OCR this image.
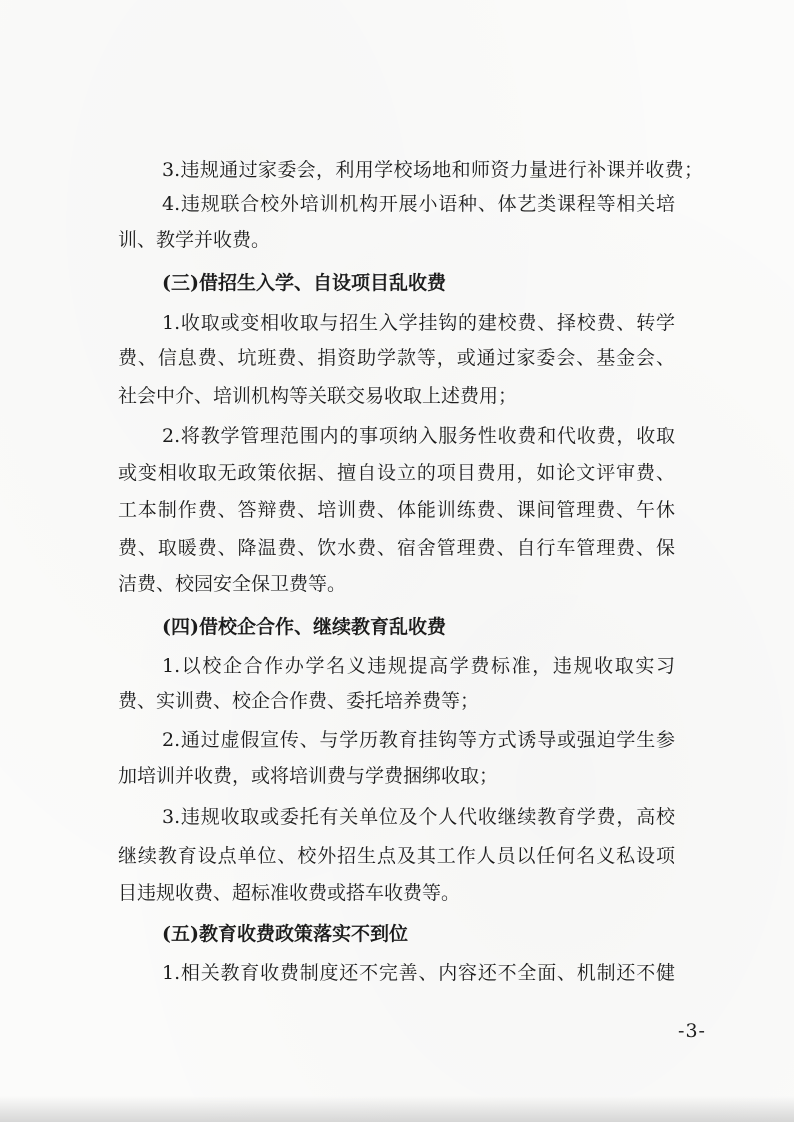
3.违规通过家委会，利用学校场地和师资力量进行补课并收费；
4.违规联合校外培训机构开展小语种、体艺类课程等相关培
训、教学并收费。
(三)借招生入学、自设项目乱收费
1.收取或变相收取与招生入学挂钩的建校费、择校费、转学
费、信息费、坑班费、捐资助学款等，或通过家委会、基金会、
社会中介、培训机构等关联交易收取上述费用；
2.将教学管理范围内的事项纳入服务性收费和代收费，收取
或变相收取无政策依据、擅自设立的项目费用，如论文评审费、
工本制作费、答辩费、培训费、体能训练费、课间管理费、午休
费、取暖费、降温费、饮水费、宿舍管理费、自行车管理费、保
洁费、校园安全保卫费等。
(四)借校企合作、继续教育乱收费
1.以校企合作办学名义违规提高学费标准，违规收取实习
费、实训费、校企合作费、委托培养费等；
2.通过虚假宣传、与学历教育挂钩等方式诱导或强迫学生参
加培训并收费，或将培训费与学费捆绑收取；
3.违规收取或委托有关单位及个人代收继续教育学费，高校
继续教育设点单位、校外招生点及其工作人员以任何名义私设项
目违规收费、超标准收费或搭车收费等。
(五)教育收费政策落实不到位
1.相关教育收费制度还不完善、内容还不全面、机制还不健
-3-
